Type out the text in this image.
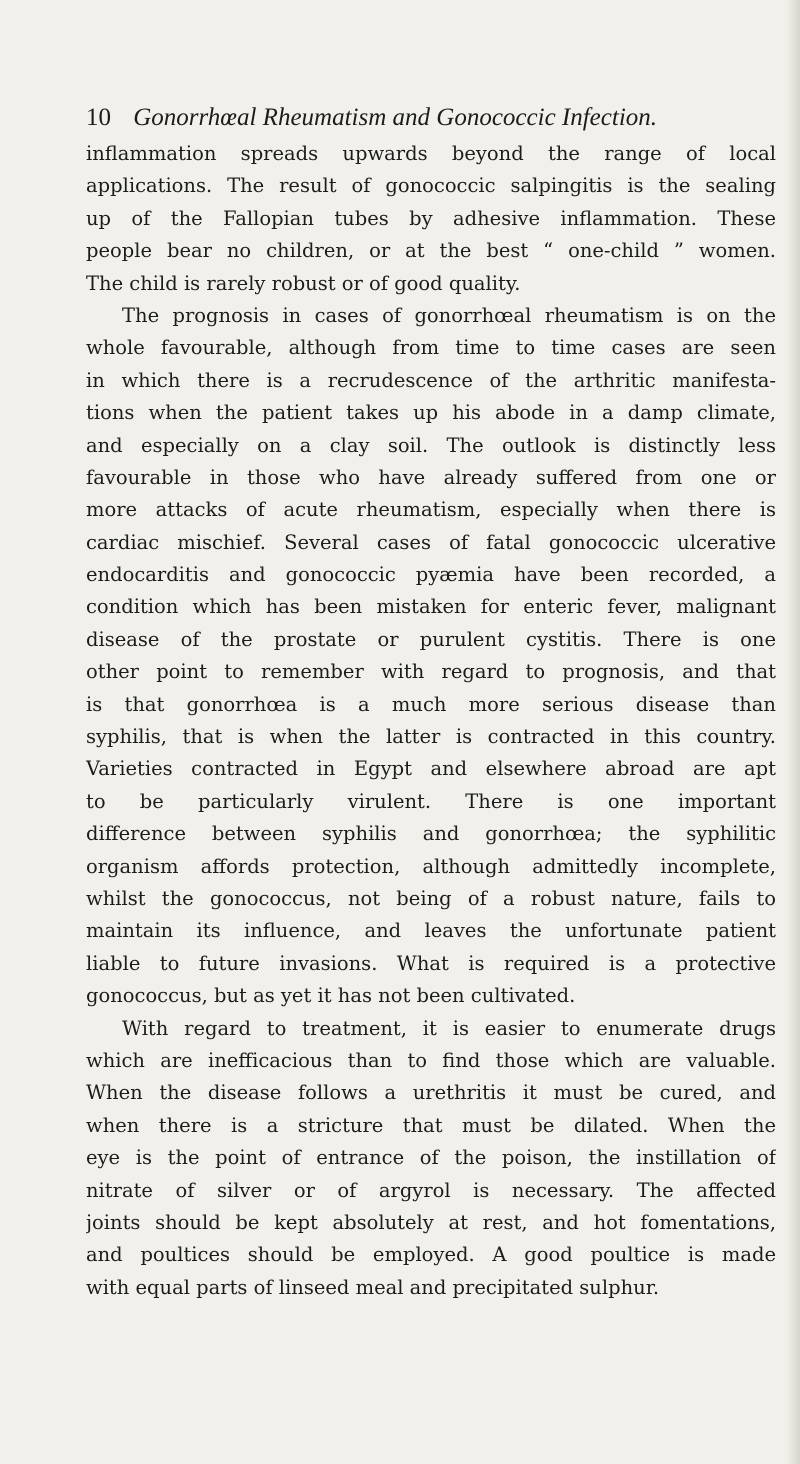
10 Gonorrhœal Rheumatism and Gonococcic Infection.
inflammation spreads upwards beyond the range of local
applications. The result of gonococcic salpingitis is the sealing
up of the Fallopian tubes by adhesive inflammation. These
people bear no children, or at the best “ one-child ” women.
The child is rarely robust or of good quality.
The prognosis in cases of gonorrhœal rheumatism is on the
whole favourable, although from time to time cases are seen
in which there is a recrudescence of the arthritic manifesta-
tions when the patient takes up his abode in a damp climate,
and especially on a clay soil. The outlook is distinctly less
favourable in those who have already suffered from one or
more attacks of acute rheumatism, especially when there is
cardiac mischief. Several cases of fatal gonococcic ulcerative
endocarditis and gonococcic pyæmia have been recorded, a
condition which has been mistaken for enteric fever, malignant
disease of the prostate or purulent cystitis. There is one
other point to remember with regard to prognosis, and that
is that gonorrhœa is a much more serious disease than
syphilis, that is when the latter is contracted in this country.
Varieties contracted in Egypt and elsewhere abroad are apt
to be particularly virulent. There is one important
difference between syphilis and gonorrhœa; the syphilitic
organism affords protection, although admittedly incomplete,
whilst the gonococcus, not being of a robust nature, fails to
maintain its influence, and leaves the unfortunate patient
liable to future invasions. What is required is a protective
gonococcus, but as yet it has not been cultivated.
With regard to treatment, it is easier to enumerate drugs
which are inefficacious than to find those which are valuable.
When the disease follows a urethritis it must be cured, and
when there is a stricture that must be dilated. When the
eye is the point of entrance of the poison, the instillation of
nitrate of silver or of argyrol is necessary. The affected
joints should be kept absolutely at rest, and hot fomentations,
and poultices should be employed. A good poultice is made
with equal parts of linseed meal and precipitated sulphur.
